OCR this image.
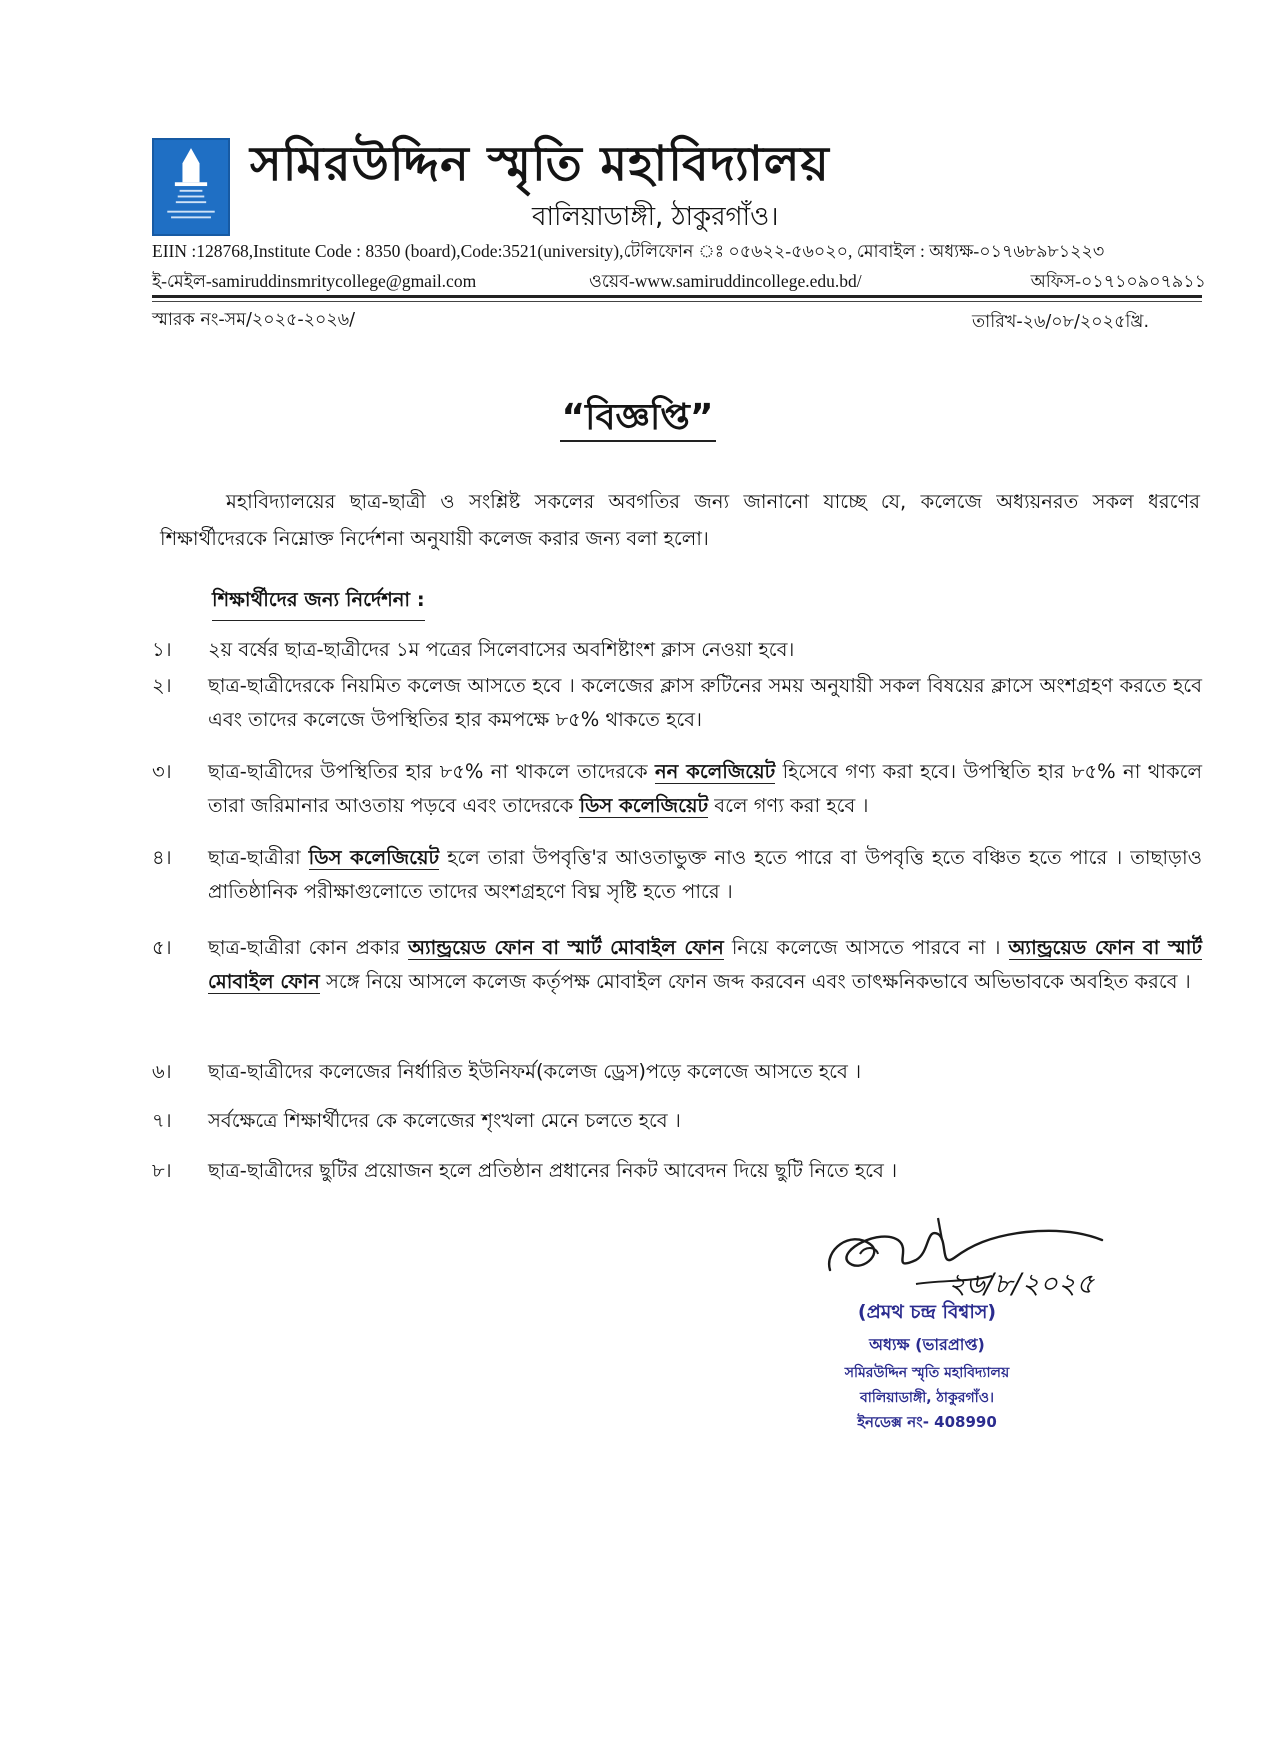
সমিরউদ্দিন স্মৃতি মহাবিদ্যালয়
বালিয়াডাঙ্গী, ঠাকুরগাঁও।
EIIN :128768,Institute Code : 8350 (board),Code:3521(university),টেলিফোন ঃ ০৫৬২২-৫৬০২০, মোবাইল : অধ্যক্ষ-০১৭৬৮৯৮১২২৩
ই-মেইল-samiruddinsmritycollege@gmail.com	ওয়েব-www.samiruddincollege.edu.bd/	অফিস-০১৭১০৯০৭৯১১
স্মারক নং-সম/২০২৫-২০২৬/	তারিখ-২৬/০৮/২০২৫খ্রি.
“বিজ্ঞপ্তি”
মহাবিদ্যালয়ের ছাত্র-ছাত্রী ও সংশ্লিষ্ট সকলের অবগতির জন্য জানানো যাচ্ছে যে, কলেজে অধ্যয়নরত সকল ধরণের শিক্ষার্থীদেরকে নিম্নোক্ত নির্দেশনা অনুযায়ী কলেজ করার জন্য বলা হলো।
শিক্ষার্থীদের জন্য নির্দেশনা :
১।	২য় বর্ষের ছাত্র-ছাত্রীদের ১ম পত্রের সিলেবাসের অবশিষ্টাংশ ক্লাস নেওয়া হবে।
২।	ছাত্র-ছাত্রীদেরকে নিয়মিত কলেজ আসতে হবে । কলেজের ক্লাস রুটিনের সময় অনুযায়ী সকল বিষয়ের ক্লাসে অংশগ্রহণ করতে হবে এবং তাদের কলেজে উপস্থিতির হার কমপক্ষে ৮৫% থাকতে হবে।
৩।	ছাত্র-ছাত্রীদের উপস্থিতির হার ৮৫% না থাকলে তাদেরকে নন কলেজিয়েট হিসেবে গণ্য করা হবে। উপস্থিতি হার ৮৫% না থাকলে তারা জরিমানার আওতায় পড়বে এবং তাদেরকে ডিস কলেজিয়েট বলে গণ্য করা হবে ।
৪।	ছাত্র-ছাত্রীরা ডিস কলেজিয়েট হলে তারা উপবৃত্তি'র আওতাভুক্ত নাও হতে পারে বা উপবৃত্তি হতে বঞ্চিত হতে পারে । তাছাড়াও প্রাতিষ্ঠানিক পরীক্ষাগুলোতে তাদের অংশগ্রহণে বিঘ্ন সৃষ্টি হতে পারে ।
৫।	ছাত্র-ছাত্রীরা কোন প্রকার অ্যান্ড্রয়েড ফোন বা স্মার্ট মোবাইল ফোন নিয়ে কলেজে আসতে পারবে না । অ্যান্ড্রয়েড ফোন বা স্মার্ট মোবাইল ফোন সঙ্গে নিয়ে আসলে কলেজ কর্তৃপক্ষ মোবাইল ফোন জব্দ করবেন এবং তাৎক্ষনিকভাবে অভিভাবকে অবহিত করবে ।
৬।	ছাত্র-ছাত্রীদের কলেজের নির্ধারিত ইউনিফর্ম(কলেজ ড্রেস)পড়ে কলেজে আসতে হবে ।
৭।	সর্বক্ষেত্রে শিক্ষার্থীদের কে কলেজের শৃংখলা মেনে চলতে হবে ।
৮।	ছাত্র-ছাত্রীদের ছুটির প্রয়োজন হলে প্রতিষ্ঠান প্রধানের নিকট আবেদন দিয়ে ছুটি নিতে হবে ।
২৬/৮/২০২৫
(প্রমথ চন্দ্র বিশ্বাস)
অধ্যক্ষ (ভারপ্রাপ্ত)
সমিরউদ্দিন স্মৃতি মহাবিদ্যালয়
বালিয়াডাঙ্গী, ঠাকুরগাঁও।
ইনডেক্স নং- 408990
